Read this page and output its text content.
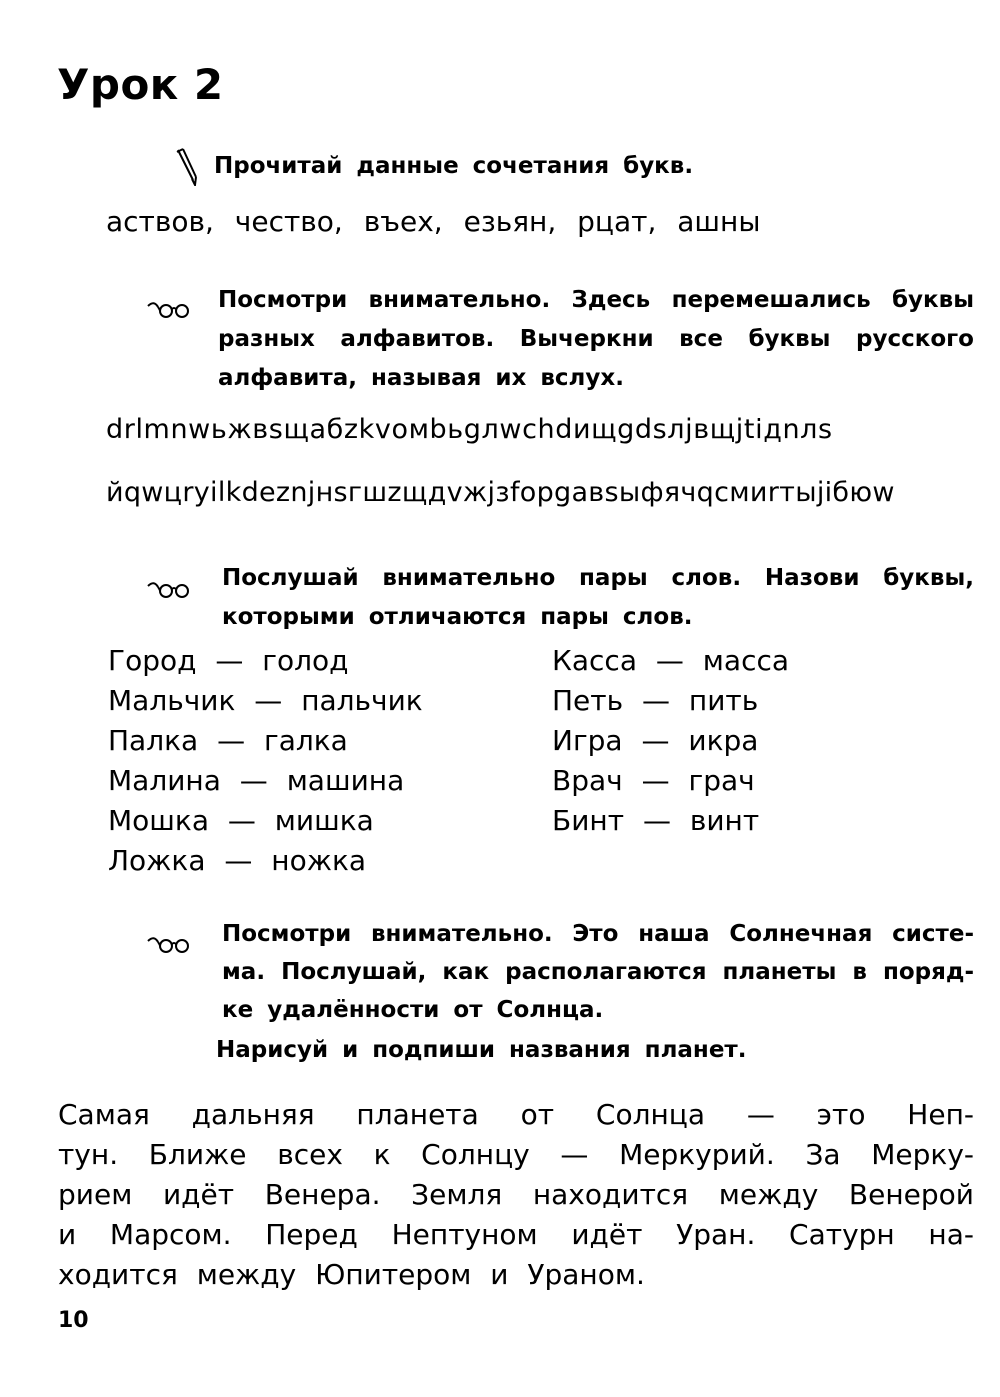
Урок 2
Прочитай данные сочетания букв.
аствов, чество, въех, езьян, рцат, ашны
Посмотри внимательно. Здесь перемешались буквы
разных алфавитов. Вычеркни все буквы русского
алфавита, называя их вслух.
drlmnwьжвsщaбzkvoмbьgлwchdищgdsлjвщjtідnлs
йqwцryilkdeznjнsгшzщдvжjзfopgaвsыфячqcмиrтыjібюw
Послушай внимательно пары слов. Назови буквы,
которыми отличаются пары слов.
Город — голод
Мальчик — пальчик
Палка — галка
Малина — машина
Мошка — мишка
Ложка — ножка
Касса — масса
Петь — пить
Игра — икра
Врач — грач
Бинт — винт
Посмотри внимательно. Это наша Солнечная систе-
ма. Послушай, как располагаются планеты в поряд-
ке удалённости от Солнца.
Нарисуй и подпиши названия планет.
Самая дальняя планета от Солнца — это Неп-
тун. Ближе всех к Солнцу — Меркурий. За Мерку-
рием идёт Венера. Земля находится между Венерой
и Марсом. Перед Нептуном идёт Уран. Сатурн на-
ходится между Юпитером и Ураном.
10
